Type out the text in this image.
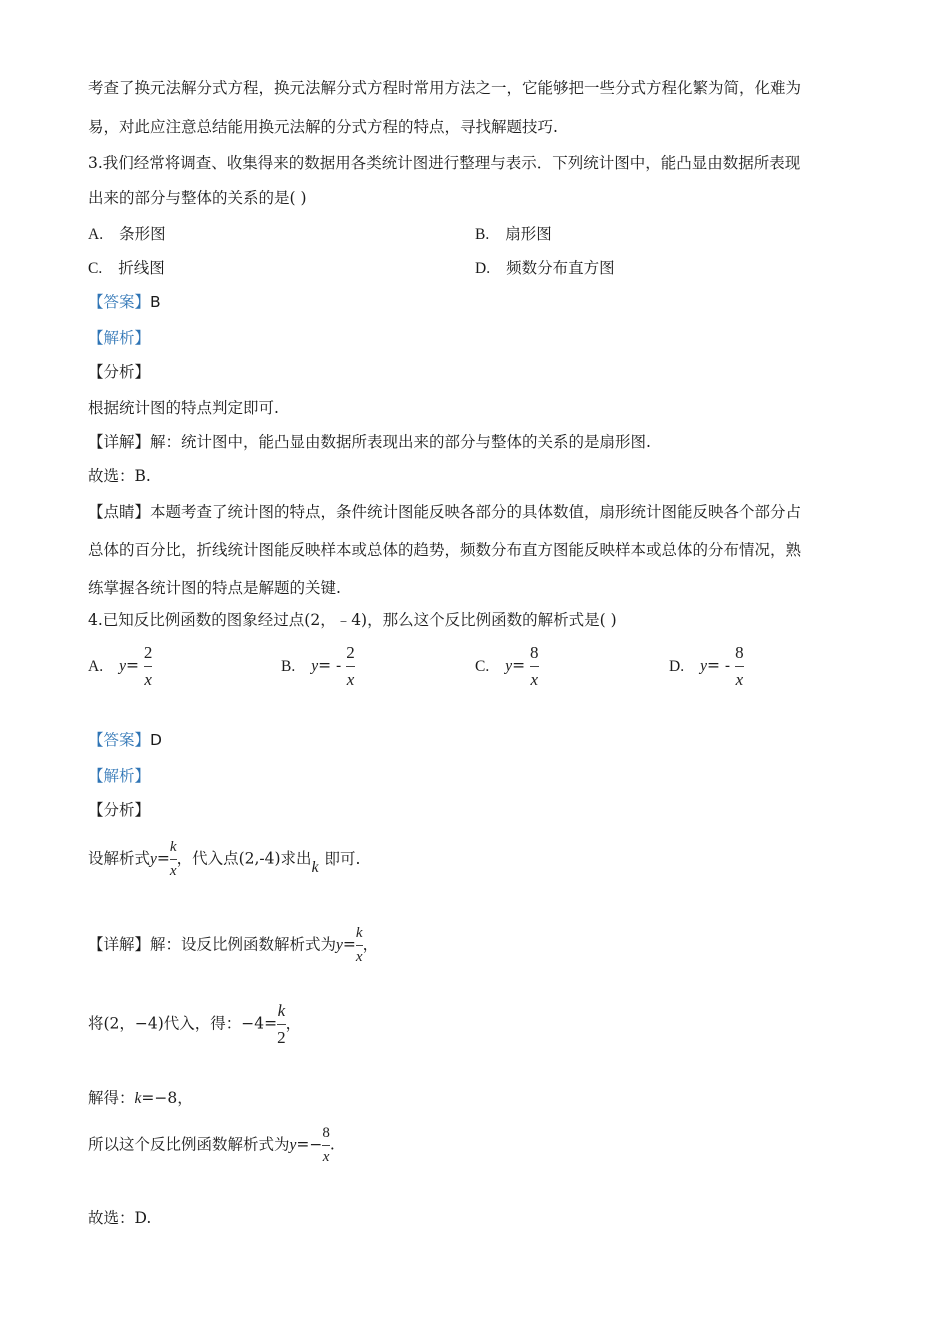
考查了换元法解分式方程，换元法解分式方程时常用方法之一，它能够把一些分式方程化繁为简，化难为
易，对此应注意总结能用换元法解的分式方程的特点，寻找解题技巧.
3.我们经常将调查、收集得来的数据用各类统计图进行整理与表示．下列统计图中，能凸显由数据所表现
出来的部分与整体的关系的是( )
A. 条形图	B. 扇形图
C. 折线图	D. 频数分布直方图
【答案】B
【解析】
【分析】
根据统计图的特点判定即可.
【详解】解：统计图中，能凸显由数据所表现出来的部分与整体的关系的是扇形图.
故选：B.
【点睛】本题考查了统计图的特点，条件统计图能反映各部分的具体数值，扇形统计图能反映各个部分占
总体的百分比，折线统计图能反映样本或总体的趋势，频数分布直方图能反映样本或总体的分布情况，熟
练掌握各统计图的特点是解题的关键.
4.已知反比例函数的图象经过点(2，﹣4)，那么这个反比例函数的解析式是( )
A. $y= \frac{2}{x}$	B. $y= - \frac{2}{x}$	C. $y= \frac{8}{x}$	D. $y= - \frac{8}{x}$
【答案】D
【解析】
【分析】
设解析式$y= \frac{k}{x}$ ，代入点(2,-4)求出k 即可.
【详解】解：设反比例函数解析式为$y= \frac{k}{x}$ ，
将(2，−4)代入，得：$-4= \frac{k}{2}$ ，
解得：k=−8，
所以这个反比例函数解析式为$y=- \frac{8}{x}$ .
故选：D.
